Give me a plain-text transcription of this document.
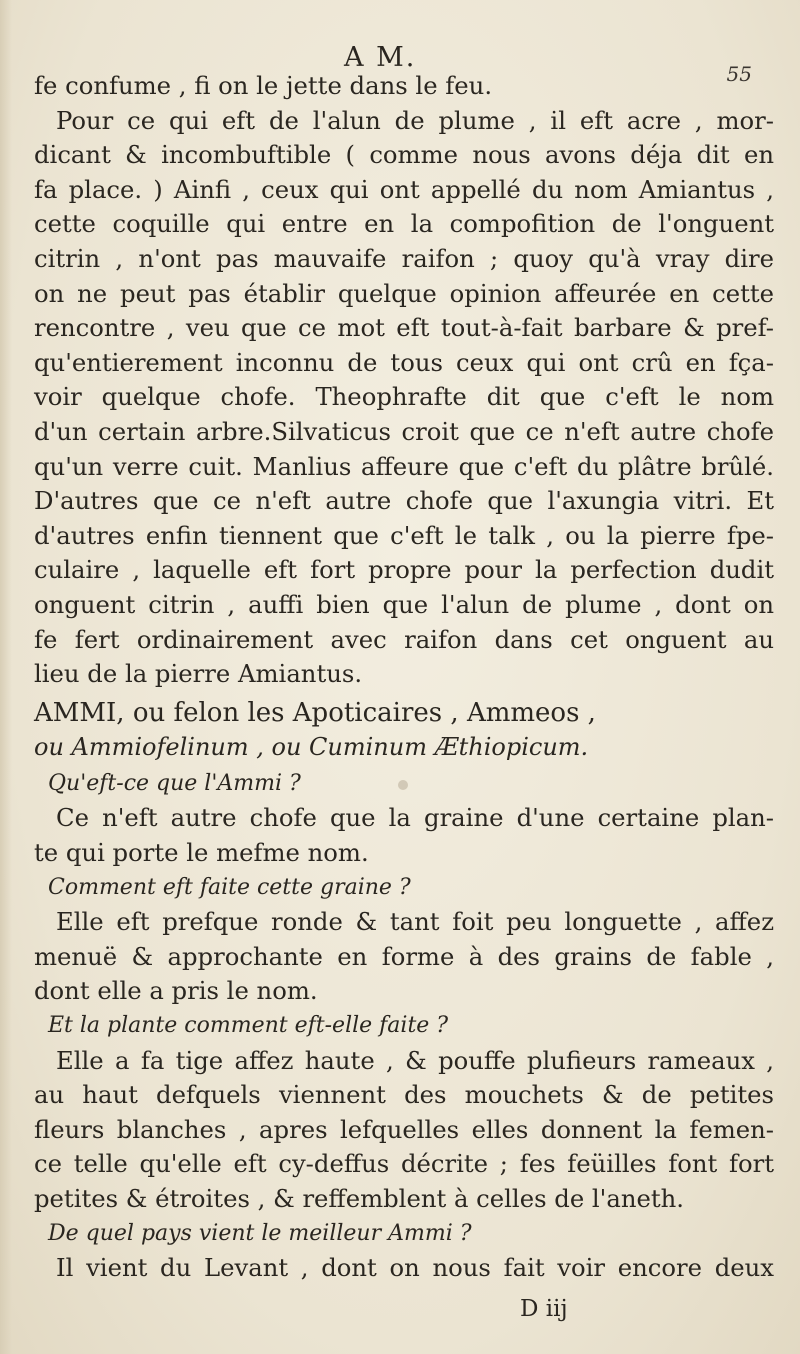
A M.
55
fe confume , fi on le jette dans le feu.
Pour ce qui eft de l'alun de plume , il eft acre , mor-
dicant & incombuftible ( comme nous avons déja dit en
fa place. ) Ainfi , ceux qui ont appellé du nom Amiantus ,
cette coquille qui entre en la compofition de l'onguent
citrin , n'ont pas mauvaife raifon ; quoy qu'à vray dire
on ne peut pas établir quelque opinion affeurée en cette
rencontre , veu que ce mot eft tout-à-fait barbare & pref-
qu'entierement inconnu de tous ceux qui ont crû en fça-
voir quelque chofe. Theophrafte dit que c'eft le nom
d'un certain arbre.Silvaticus croit que ce n'eft autre chofe
qu'un verre cuit. Manlius affeure que c'eft du plâtre brûlé.
D'autres que ce n'eft autre chofe que l'axungia vitri. Et
d'autres enfin tiennent que c'eft le talk , ou la pierre fpe-
culaire , laquelle eft fort propre pour la perfection dudit
onguent citrin , auffi bien que l'alun de plume , dont on
fe fert ordinairement avec raifon dans cet onguent au
lieu de la pierre Amiantus.
AMMI, ou felon les Apoticaires , Ammeos ,
ou Ammiofelinum , ou Cuminum Æthiopicum.
Qu'eft-ce que l'Ammi ?
Ce n'eft autre chofe que la graine d'une certaine plan-
te qui porte le mefme nom.
Comment eft faite cette graine ?
Elle eft prefque ronde & tant foit peu longuette , affez
menuë & approchante en forme à des grains de fable ,
dont elle a pris le nom.
Et la plante comment eft-elle faite ?
Elle a fa tige affez haute , & pouffe plufieurs rameaux ,
au haut defquels viennent des mouchets & de petites
fleurs blanches , apres lefquelles elles donnent la femen-
ce telle qu'elle eft cy-deffus décrite ; fes feüilles font fort
petites & étroites , & reffemblent à celles de l'aneth.
De quel pays vient le meilleur Ammi ?
Il vient du Levant , dont on nous fait voir encore deux
D iij
